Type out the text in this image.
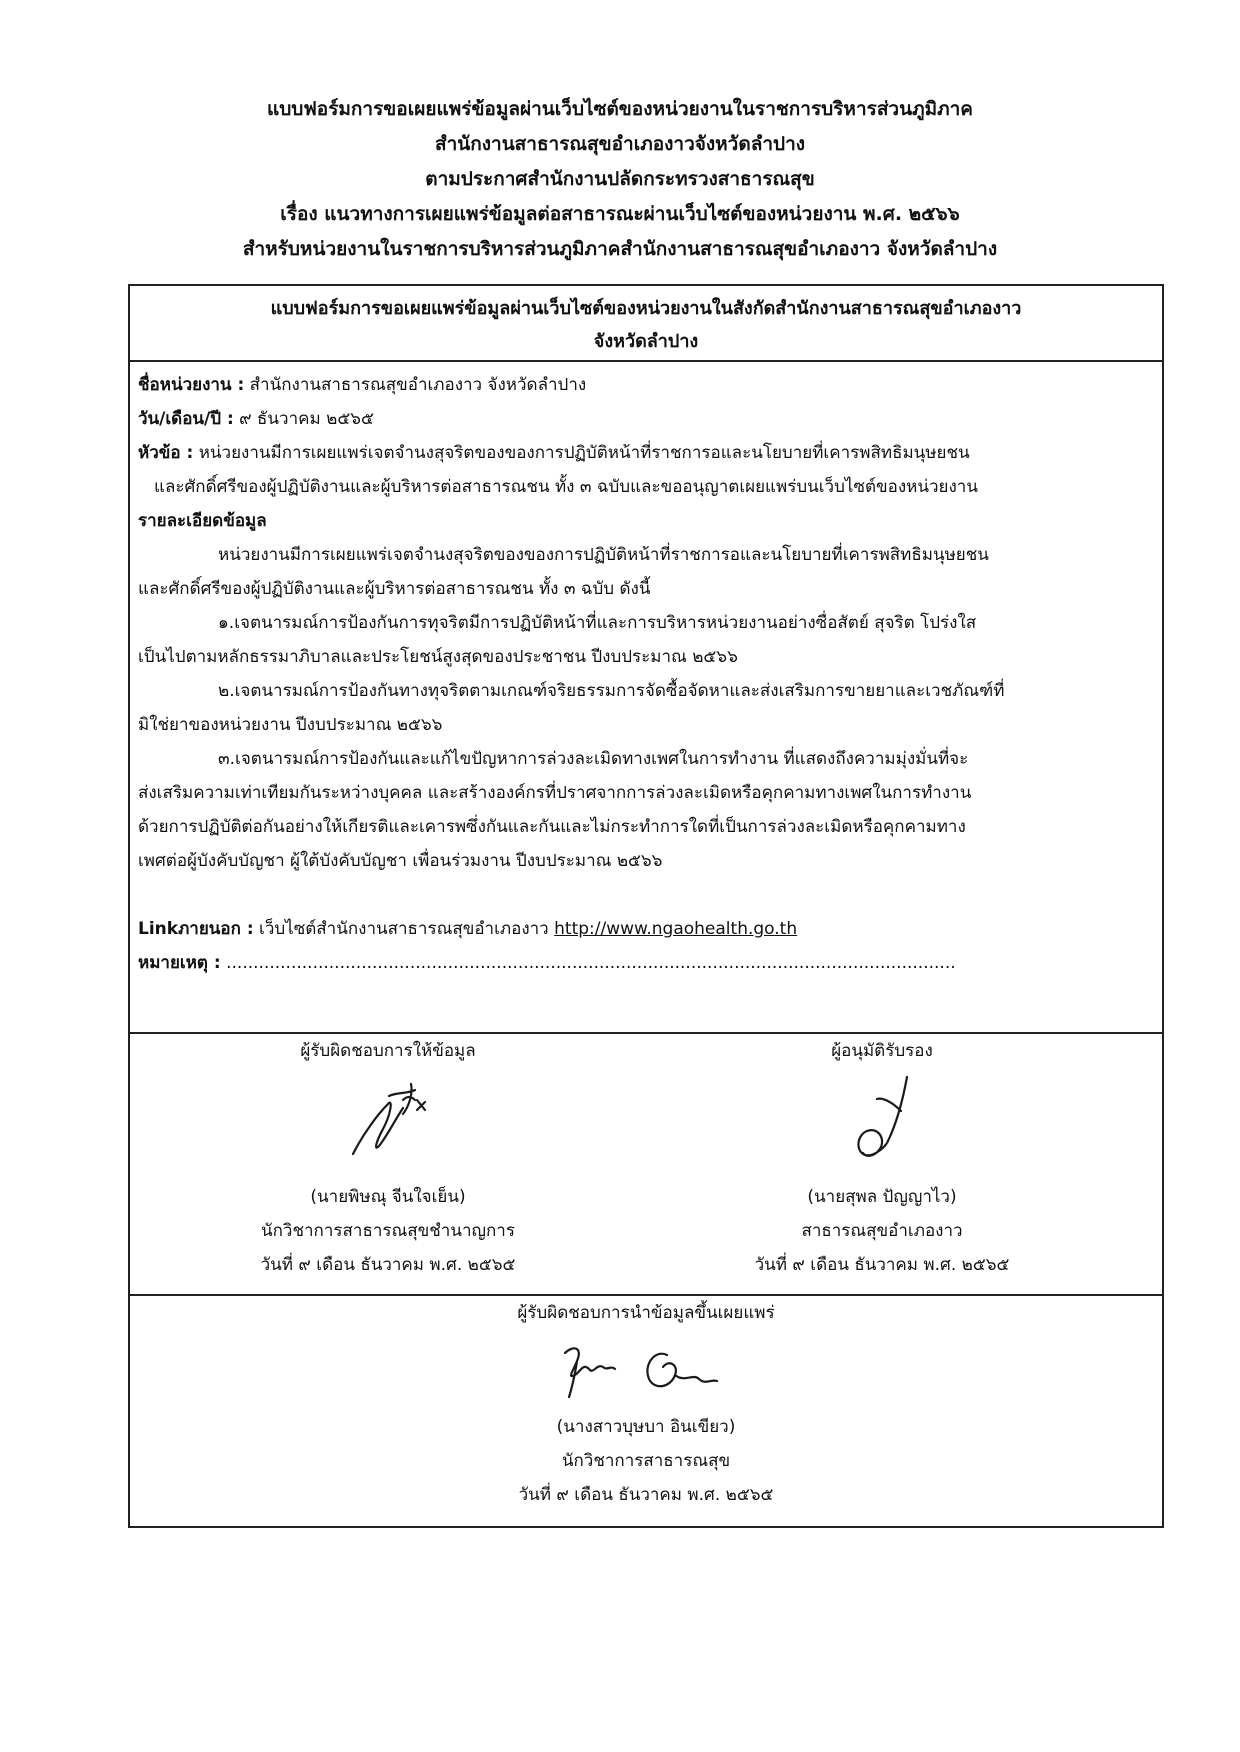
แบบฟอร์มการขอเผยแพร่ข้อมูลผ่านเว็บไซต์ของหน่วยงานในราชการบริหารส่วนภูมิภาค
สำนักงานสาธารณสุขอำเภองาวจังหวัดลำปาง
ตามประกาศสำนักงานปลัดกระทรวงสาธารณสุข
เรื่อง แนวทางการเผยแพร่ข้อมูลต่อสาธารณะผ่านเว็บไซต์ของหน่วยงาน พ.ศ. ๒๕๖๖
สำหรับหน่วยงานในราชการบริหารส่วนภูมิภาคสำนักงานสาธารณสุขอำเภองาว จังหวัดลำปาง
แบบฟอร์มการขอเผยแพร่ข้อมูลผ่านเว็บไซต์ของหน่วยงานในสังกัดสำนักงานสาธารณสุขอำเภองาว
จังหวัดลำปาง
ชื่อหน่วยงาน : สำนักงานสาธารณสุขอำเภองาว จังหวัดลำปาง
วัน/เดือน/ปี : ๙ ธันวาคม ๒๕๖๕
หัวข้อ : หน่วยงานมีการเผยแพร่เจตจำนงสุจริตของของการปฏิบัติหน้าที่ราชการอและนโยบายที่เคารพสิทธิมนุษยชน
และศักดิ์ศรีของผู้ปฏิบัติงานและผู้บริหารต่อสาธารณชน ทั้ง ๓ ฉบับและขออนุญาตเผยแพร่บนเว็บไซต์ของหน่วยงาน
รายละเอียดข้อมูล
หน่วยงานมีการเผยแพร่เจตจำนงสุจริตของของการปฏิบัติหน้าที่ราชการอและนโยบายที่เคารพสิทธิมนุษยชน
และศักดิ์ศรีของผู้ปฏิบัติงานและผู้บริหารต่อสาธารณชน ทั้ง ๓ ฉบับ ดังนี้
๑.เจตนารมณ์การป้องกันการทุจริตมีการปฏิบัติหน้าที่และการบริหารหน่วยงานอย่างซื่อสัตย์ สุจริต โปร่งใส
เป็นไปตามหลักธรรมาภิบาลและประโยชน์สูงสุดของประชาชน ปีงบประมาณ ๒๕๖๖
๒.เจตนารมณ์การป้องกันทางทุจริตตามเกณฑ์จริยธรรมการจัดซื้อจัดหาและส่งเสริมการขายยาและเวชภัณฑ์ที่
มิใช่ยาของหน่วยงาน ปีงบประมาณ ๒๕๖๖
๓.เจตนารมณ์การป้องกันและแก้ไขปัญหาการล่วงละเมิดทางเพศในการทำงาน ที่แสดงถึงความมุ่งมั่นที่จะ
ส่งเสริมความเท่าเทียมกันระหว่างบุคคล และสร้างองค์กรที่ปราศจากการล่วงละเมิดหรือคุกคามทางเพศในการทำงาน
ด้วยการปฏิบัติต่อกันอย่างให้เกียรติและเคารพซึ่งกันและกันและไม่กระทำการใดที่เป็นการล่วงละเมิดหรือคุกคามทาง
เพศต่อผู้บังคับบัญชา ผู้ใต้บังคับบัญชา เพื่อนร่วมงาน ปีงบประมาณ ๒๕๖๖
Linkภายนอก : เว็บไซต์สำนักงานสาธารณสุขอำเภองาว http://www.ngaohealth.go.th
หมายเหตุ : .......................................................................................................................................
ผู้รับผิดชอบการให้ข้อมูล
(นายพิษณุ จีนใจเย็น)
นักวิชาการสาธารณสุขชำนาญการ
วันที่ ๙ เดือน ธันวาคม พ.ศ. ๒๕๖๕
ผู้อนุมัติรับรอง
(นายสุพล ปัญญาไว)
สาธารณสุขอำเภองาว
วันที่ ๙ เดือน ธันวาคม พ.ศ. ๒๕๖๕
ผู้รับผิดชอบการนำข้อมูลขึ้นเผยแพร่
(นางสาวบุษบา อินเขียว)
นักวิชาการสาธารณสุข
วันที่ ๙ เดือน ธันวาคม พ.ศ. ๒๕๖๕
